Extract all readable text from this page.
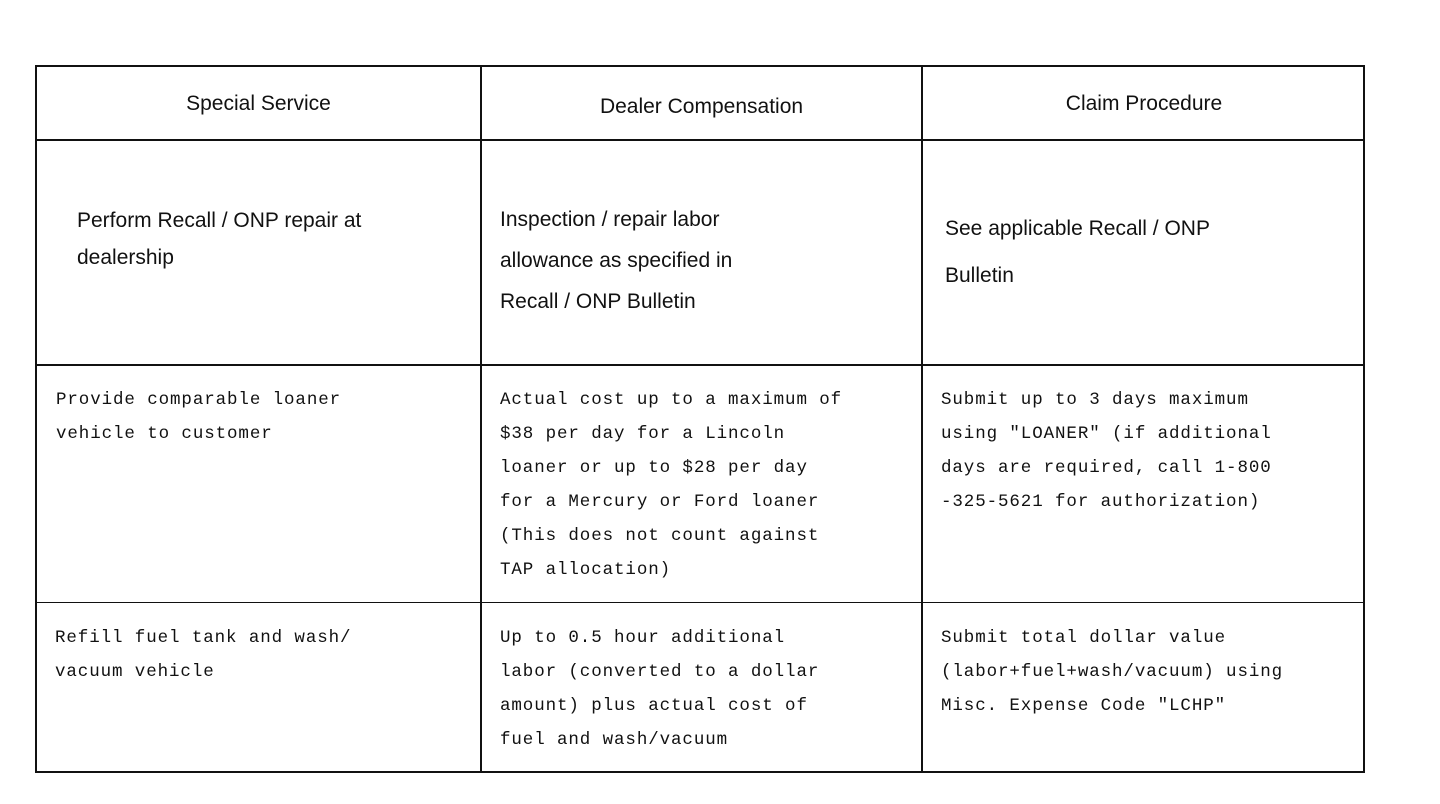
Special Service	Dealer Compensation	Claim Procedure
Perform Recall / ONP repair at
dealership
Inspection / repair labor
allowance as specified in
Recall / ONP Bulletin
See applicable Recall / ONP
Bulletin
Provide comparable loaner
vehicle to customer
Actual cost up to a maximum of
$38 per day for a Lincoln
loaner or up to $28 per day
for a Mercury or Ford loaner
(This does not count against
TAP allocation)
Submit up to 3 days maximum
using "LOANER" (if additional
days are required, call 1-800
-325-5621 for authorization)
Refill fuel tank and wash/
vacuum vehicle
Up to 0.5 hour additional
labor (converted to a dollar
amount) plus actual cost of
fuel and wash/vacuum
Submit total dollar value
(labor+fuel+wash/vacuum) using
Misc. Expense Code "LCHP"
